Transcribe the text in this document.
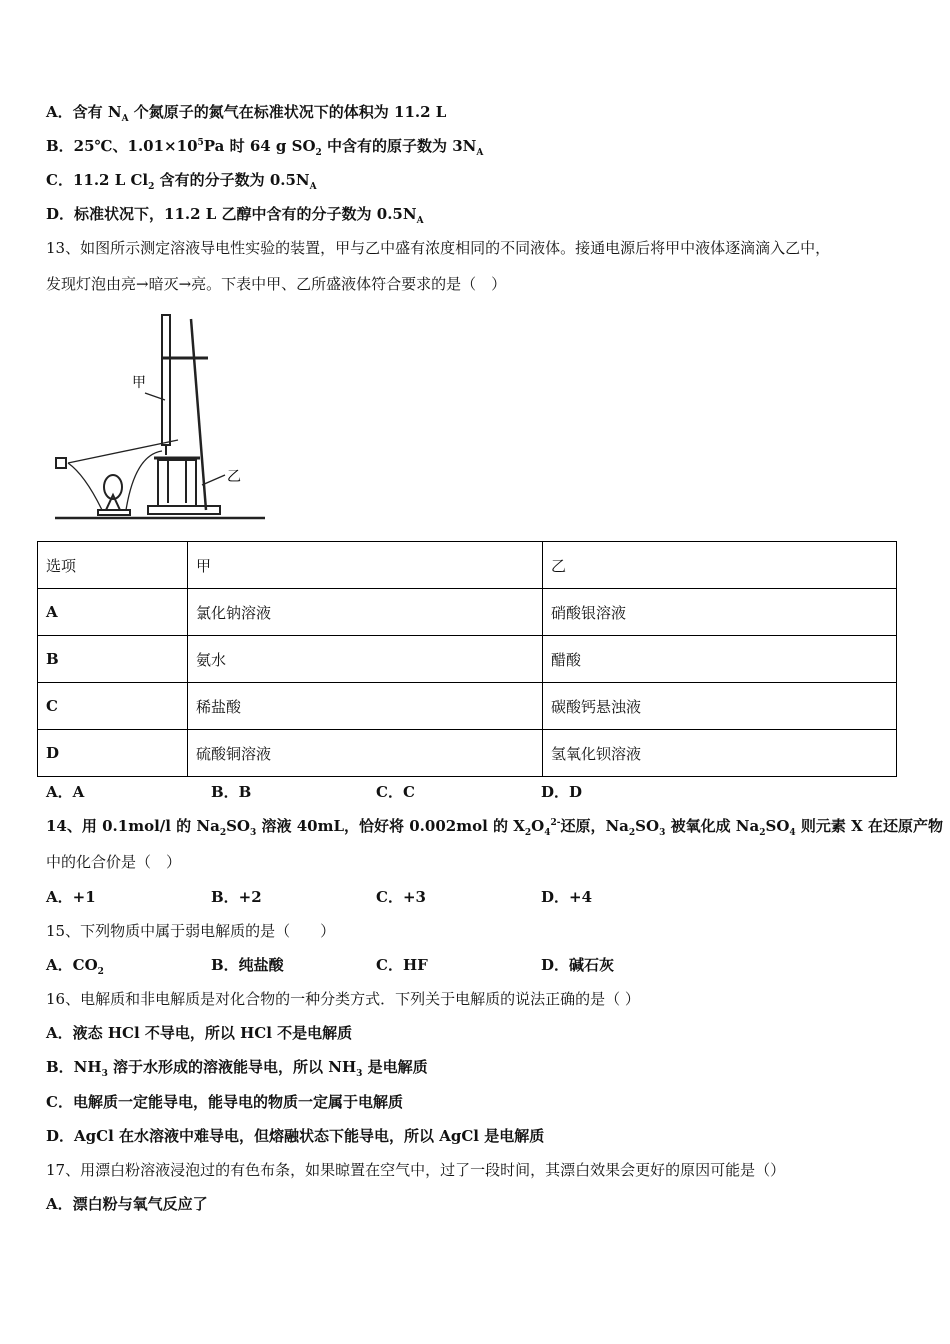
A．含有 $N_A$ 个氮原子的氮气在标准状况下的体积为 11.2 L
B．25℃、$1.01\times 10^5Pa$ 时 64 g $SO_2$ 中含有的原子数为 $3N_A$
C．11.2 L $Cl_2$ 含有的分子数为 $0.5N_A$
D．标准状况下，11.2 L 乙醇中含有的分子数为 $0.5N_A$
13、如图所示测定溶液导电性实验的装置，甲与乙中盛有浓度相同的不同液体。接通电源后将甲中液体逐滴滴入乙中，
发现灯泡由亮→暗灭→亮。下表中甲、乙所盛液体符合要求的是（　）
甲
乙
选项	甲	乙
A	氯化钠溶液	硝酸银溶液
B	氨水	醋酸
C	稀盐酸	碳酸钙悬浊液
D	硫酸铜溶液	氢氧化钡溶液
A．A	B．B	C．C	D．D
14、用 0.1mol/l 的 $Na_2SO_3$ 溶液 40mL，恰好将 0.002mol 的 $X_2O_4^{2-}$还原，$Na_2SO_3$ 被氧化成 $Na_2SO_4$ 则元素 X 在还原产物
中的化合价是（　）
A．+1	B．+2	C．+3	D．+4
15、下列物质中属于弱电解质的是（　　）
A．$CO_2$	B．纯盐酸	C．HF	D．碱石灰
16、电解质和非电解质是对化合物的一种分类方式．下列关于电解质的说法正确的是（ ）
A．液态 HCl 不导电，所以 HCl 不是电解质
B．$NH_3$ 溶于水形成的溶液能导电，所以 $NH_3$ 是电解质
C．电解质一定能导电，能导电的物质一定属于电解质
D．AgCl 在水溶液中难导电，但熔融状态下能导电，所以 AgCl 是电解质
17、用漂白粉溶液浸泡过的有色布条，如果晾置在空气中，过了一段时间，其漂白效果会更好的原因可能是（）
A．漂白粉与氧气反应了
